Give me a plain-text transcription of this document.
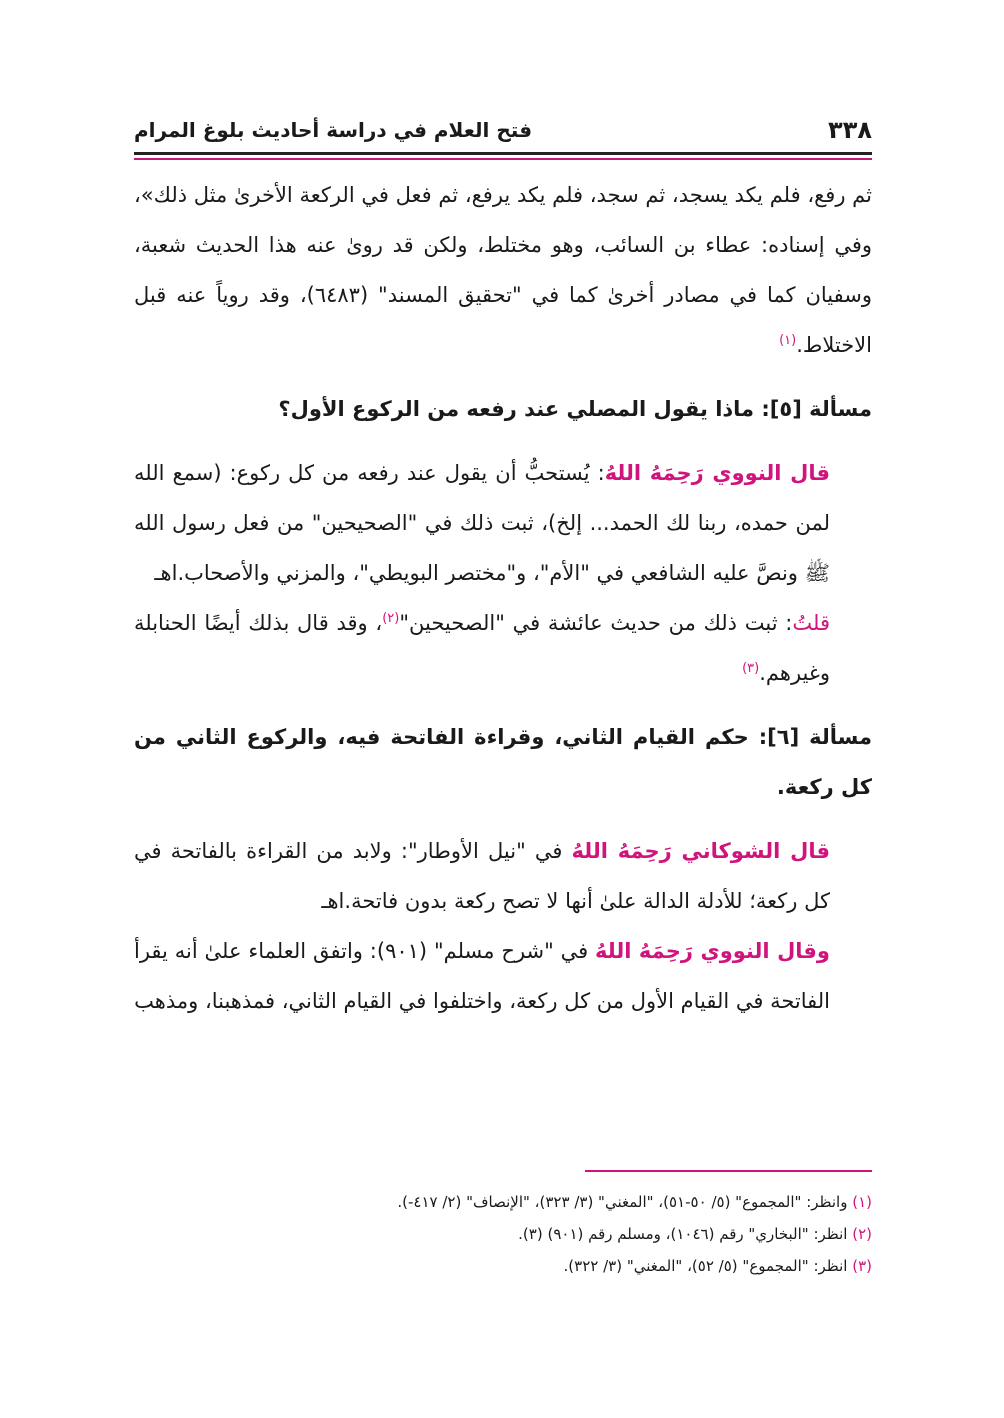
٣٣٨
فتح العلام في دراسة أحاديث بلوغ المرام

ثم رفع، فلم يكد يسجد، ثم سجد، فلم يكد يرفع، ثم فعل في الركعة الأخرىٰ مثل ذلك»، وفي إسناده: عطاء بن السائب، وهو مختلط، ولكن قد روىٰ عنه هذا الحديث شعبة، وسفيان كما في مصادر أخرىٰ كما في "تحقيق المسند" (٦٤٨٣)، وقد روياً عنه قبل الاختلاط.$^{(١)}$

مسألة [٥]: ماذا يقول المصلي عند رفعه من الركوع الأول؟

قال النووي رَحِمَهُ اللهُ: يُستحبُّ أن يقول عند رفعه من كل ركوع: (سمع الله لمن حمده، ربنا لك الحمد... إلخ)، ثبت ذلك في "الصحيحين" من فعل رسول الله ﷺ ونصَّ عليه الشافعي في "الأم"، و"مختصر البويطي"، والمزني والأصحاب.اهـ

قلتُ: ثبت ذلك من حديث عائشة في "الصحيحين"$^{(٢)}$، وقد قال بذلك أيضًا الحنابلة وغيرهم.$^{(٣)}$

مسألة [٦]: حكم القيام الثاني، وقراءة الفاتحة فيه، والركوع الثاني من كل ركعة.

قال الشوكاني رَحِمَهُ اللهُ في "نيل الأوطار": ولابد من القراءة بالفاتحة في كل ركعة؛ للأدلة الدالة علىٰ أنها لا تصح ركعة بدون فاتحة.اهـ

وقال النووي رَحِمَهُ اللهُ في "شرح مسلم" (٩٠١): واتفق العلماء علىٰ أنه يقرأ الفاتحة في القيام الأول من كل ركعة، واختلفوا في القيام الثاني، فمذهبنا، ومذهب

(١) وانظر: "المجموع" (٥/ ٥٠-٥١)، "المغني" (٣/ ٣٢٣)، "الإنصاف" (٢/ ٤١٧-).
(٢) انظر: "البخاري" رقم (١٠٤٦)، ومسلم رقم (٩٠١) (٣).
(٣) انظر: "المجموع" (٥/ ٥٢)، "المغني" (٣/ ٣٢٢).
